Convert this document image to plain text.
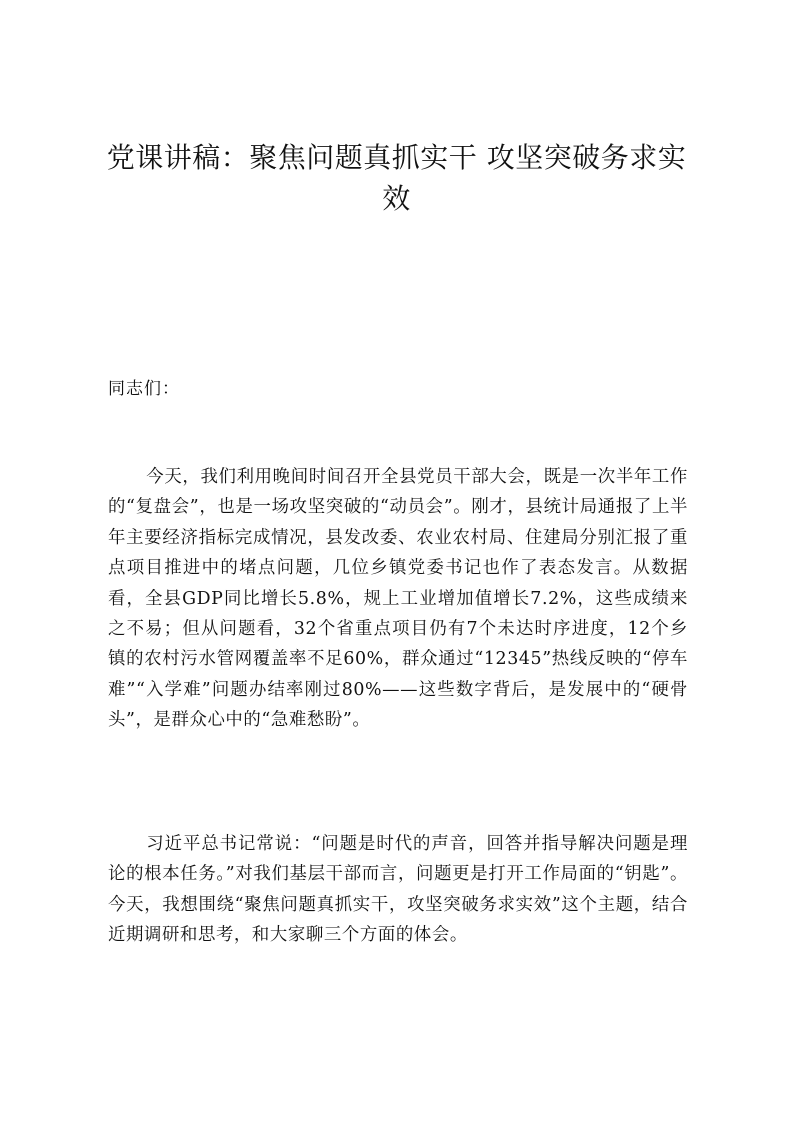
党课讲稿：聚焦问题真抓实干 攻坚突破务求实效

同志们：

今天，我们利用晚间时间召开全县党员干部大会，既是一次半年工作的“复盘会”，也是一场攻坚突破的“动员会”。刚才，县统计局通报了上半年主要经济指标完成情况，县发改委、农业农村局、住建局分别汇报了重点项目推进中的堵点问题，几位乡镇党委书记也作了表态发言。从数据看，全县GDP同比增长5.8%，规上工业增加值增长7.2%，这些成绩来之不易；但从问题看，32个省重点项目仍有7个未达时序进度，12个乡镇的农村污水管网覆盖率不足60%，群众通过“12345”热线反映的“停车难”“入学难”问题办结率刚过80%——这些数字背后，是发展中的“硬骨头”，是群众心中的“急难愁盼”。

习近平总书记常说：“问题是时代的声音，回答并指导解决问题是理论的根本任务。”对我们基层干部而言，问题更是打开工作局面的“钥匙”。今天，我想围绕“聚焦问题真抓实干，攻坚突破务求实效”这个主题，结合近期调研和思考，和大家聊三个方面的体会。
